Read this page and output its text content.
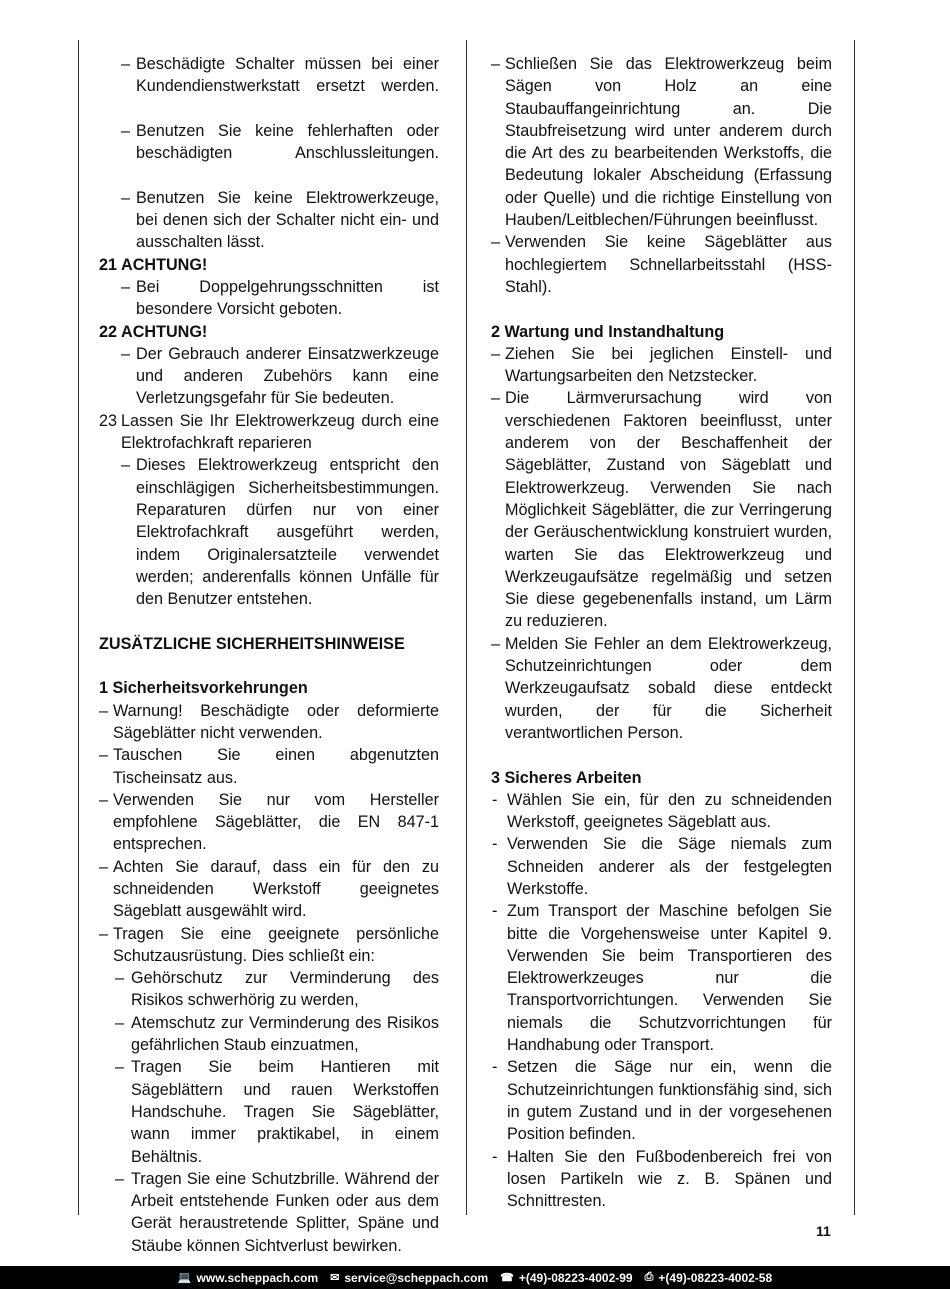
– Beschädigte Schalter müssen bei einer Kundendienstwerkstatt ersetzt werden.
– Benutzen Sie keine fehlerhaften oder beschädigten Anschlussleitungen.
– Benutzen Sie keine Elektrowerkzeuge, bei denen sich der Schalter nicht ein- und ausschalten lässt.
21 ACHTUNG!
– Bei Doppelgehrungsschnitten ist besondere Vorsicht geboten.
22 ACHTUNG!
– Der Gebrauch anderer Einsatzwerkzeuge und anderen Zubehörs kann eine Verletzungsgefahr für Sie bedeuten.
23 Lassen Sie Ihr Elektrowerkzeug durch eine Elektrofachkraft reparieren
– Dieses Elektrowerkzeug entspricht den einschlägigen Sicherheitsbestimmungen. Reparaturen dürfen nur von einer Elektrofachkraft ausgeführt werden, indem Originalersatzteile verwendet werden; anderenfalls können Unfälle für den Benutzer entstehen.
ZUSÄTZLICHE SICHERHEITSHINWEISE
1 Sicherheitsvorkehrungen
– Warnung! Beschädigte oder deformierte Sägeblätter nicht verwenden.
– Tauschen Sie einen abgenutzten Tischeinsatz aus.
– Verwenden Sie nur vom Hersteller empfohlene Sägeblätter, die EN 847-1 entsprechen.
– Achten Sie darauf, dass ein für den zu schneidenden Werkstoff geeignetes Sägeblatt ausgewählt wird.
– Tragen Sie eine geeignete persönliche Schutzausrüstung. Dies schließt ein:
– Gehörschutz zur Verminderung des Risikos schwerhörig zu werden,
– Atemschutz zur Verminderung des Risikos gefährlichen Staub einzuatmen,
– Tragen Sie beim Hantieren mit Sägeblättern und rauen Werkstoffen Handschuhe. Tragen Sie Sägeblätter, wann immer praktikabel, in einem Behältnis.
– Tragen Sie eine Schutzbrille. Während der Arbeit entstehende Funken oder aus dem Gerät heraustretende Splitter, Späne und Stäube können Sichtverlust bewirken.
– Schließen Sie das Elektrowerkzeug beim Sägen von Holz an eine Staubauffangeinrichtung an. Die Staubfreisetzung wird unter anderem durch die Art des zu bearbeitenden Werkstoffs, die Bedeutung lokaler Abscheidung (Erfassung oder Quelle) und die richtige Einstellung von Hauben/Leitblechen/Führungen beeinflusst.
– Verwenden Sie keine Sägeblätter aus hochlegiertem Schnellarbeitsstahl (HSS-Stahl).
2 Wartung und Instandhaltung
– Ziehen Sie bei jeglichen Einstell- und Wartungsarbeiten den Netzstecker.
– Die Lärmverursachung wird von verschiedenen Faktoren beeinflusst, unter anderem von der Beschaffenheit der Sägeblätter, Zustand von Sägeblatt und Elektrowerkzeug. Verwenden Sie nach Möglichkeit Sägeblätter, die zur Verringerung der Geräuschentwicklung konstruiert wurden, warten Sie das Elektrowerkzeug und Werkzeugaufsätze regelmäßig und setzen Sie diese gegebenenfalls instand, um Lärm zu reduzieren.
– Melden Sie Fehler an dem Elektrowerkzeug, Schutzeinrichtungen oder dem Werkzeugaufsatz sobald diese entdeckt wurden, der für die Sicherheit verantwortlichen Person.
3 Sicheres Arbeiten
- Wählen Sie ein, für den zu schneidenden Werkstoff, geeignetes Sägeblatt aus.
- Verwenden Sie die Säge niemals zum Schneiden anderer als der festgelegten Werkstoffe.
- Zum Transport der Maschine befolgen Sie bitte die Vorgehensweise unter Kapitel 9. Verwenden Sie beim Transportieren des Elektrowerkzeuges nur die Transportvorrichtungen. Verwenden Sie niemals die Schutzvorrichtungen für Handhabung oder Transport.
- Setzen die Säge nur ein, wenn die Schutzeinrichtungen funktionsfähig sind, sich in gutem Zustand und in der vorgesehenen Position befinden.
- Halten Sie den Fußbodenbereich frei von losen Partikeln wie z. B. Spänen und Schnittresten.
11
💻 www.scheppach.com ✉ service@scheppach.com ☎ +(49)-08223-4002-99 ⎙ +(49)-08223-4002-58
